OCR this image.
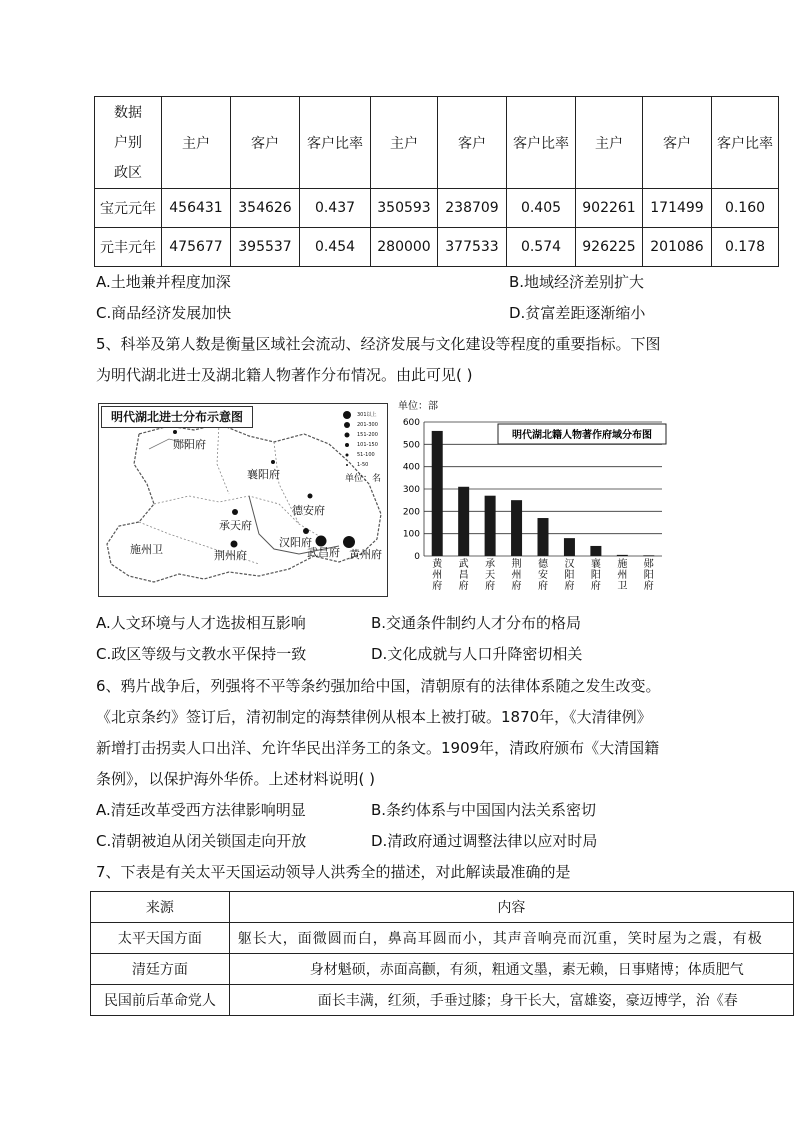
数据
户别
政区	主户	客户	客户比率	主户	客户	客户比率	主户	客户	客户比率
宝元元年	456431	354626	0.437	350593	238709	0.405	902261	171499	0.160
元丰元年	475677	395537	0.454	280000	377533	0.574	926225	201086	0.178
A.土地兼并程度加深	B.地域经济差别扩大
C.商品经济发展加快	D.贫富差距逐渐缩小
5、科举及第人数是衡量区域社会流动、经济发展与文化建设等程度的重要指标。下图
为明代湖北进士及湖北籍人物著作分布情况。由此可见( )
明代湖北进士分布示意图	301以上
201-300
151-200
101-150
51-100
1-50
单位：名
郧阳府
襄阳府
德安府
承天府
施州卫	荆州府
汉阳府
武昌府 黄州府
单位：部
明代湖北籍人物著作府域分布图
0
100
200
300
400
500
600
黄
州
府
武
昌
府
承
天
府
荆
州
府
德
安
府
汉
阳
府
襄
阳
府
施
州
卫
郧
阳
府
A.人文环境与人才选拔相互影响	B.交通条件制约人才分布的格局
C.政区等级与文教水平保持一致	D.文化成就与人口升降密切相关
6、鸦片战争后，列强将不平等条约强加给中国，清朝原有的法律体系随之发生改变。
《北京条约》签订后，清初制定的海禁律例从根本上被打破。1870年，《大清律例》
新增打击拐卖人口出洋、允许华民出洋务工的条文。1909年，清政府颁布《大清国籍
条例》，以保护海外华侨。上述材料说明( )
A.清廷改革受西方法律影响明显	B.条约体系与中国国内法关系密切
C.清朝被迫从闭关锁国走向开放	D.清政府通过调整法律以应对时局
7、下表是有关太平天国运动领导人洪秀全的描述，对此解读最准确的是
来源	内容
太平天国方面	躯长大，面微圆而白，鼻高耳圆而小，其声音响亮而沉重，笑时屋为之震，有极
清廷方面	身材魁硕，赤面高颧，有须，粗通文墨，素无赖，日事赌博；体质肥气
民国前后革命党人	面长丰满，红须，手垂过膝；身干长大，富雄姿，豪迈博学，治《春
